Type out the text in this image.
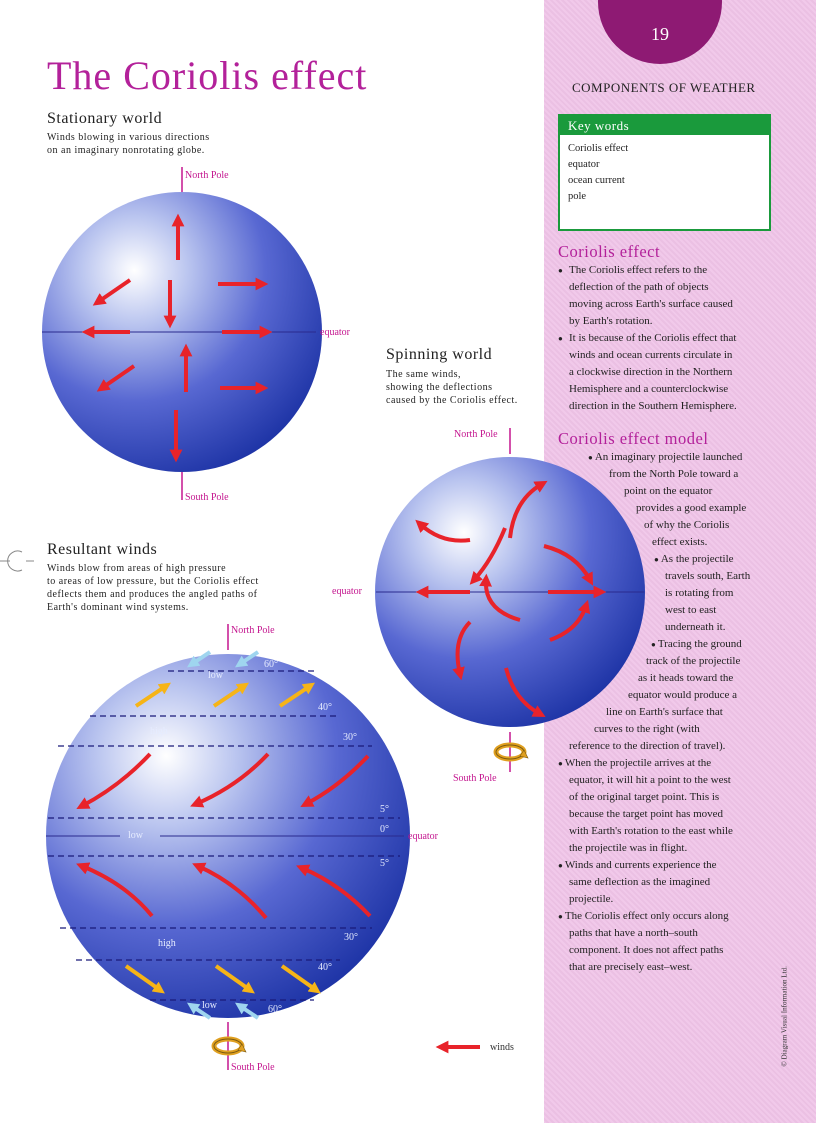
19
COMPONENTS OF WEATHER
Key words
Coriolis effect
equator
ocean current
pole
The Coriolis effect
Stationary world
Winds blowing in various directions
on an imaginary nonrotating globe.
Spinning world
The same winds,
showing the deflections
caused by the Coriolis effect.
Resultant winds
Winds blow from areas of high pressure
to areas of low pressure, but the Coriolis effect
deflects them and produces the angled paths of
Earth's dominant wind systems.
North Pole
South Pole
equator
North Pole
South Pole
equator
North Pole
South Pole
equator
low
high
low
high
low
60°
40°
30°
5°
0°
5°
30°
40°
60°
winds
Coriolis effect
● The Coriolis effect refers to the
deflection of the path of objects
moving across Earth's surface caused
by Earth's rotation.
● It is because of the Coriolis effect that
winds and ocean currents circulate in
a clockwise direction in the Northern
Hemisphere and a counterclockwise
direction in the Southern Hemisphere.
Coriolis effect model
● An imaginary projectile launched
from the North Pole toward a
point on the equator
provides a good example
of why the Coriolis
effect exists.
● As the projectile
travels south, Earth
is rotating from
west to east
underneath it.
● Tracing the ground
track of the projectile
as it heads toward the
equator would produce a
line on Earth's surface that
curves to the right (with
reference to the direction of travel).
● When the projectile arrives at the
equator, it will hit a point to the west
of the original target point. This is
because the target point has moved
with Earth's rotation to the east while
the projectile was in flight.
● Winds and currents experience the
same deflection as the imagined
projectile.
● The Coriolis effect only occurs along
paths that have a north–south
component. It does not affect paths
that are precisely east–west.	© Diagram Visual Information Ltd.
